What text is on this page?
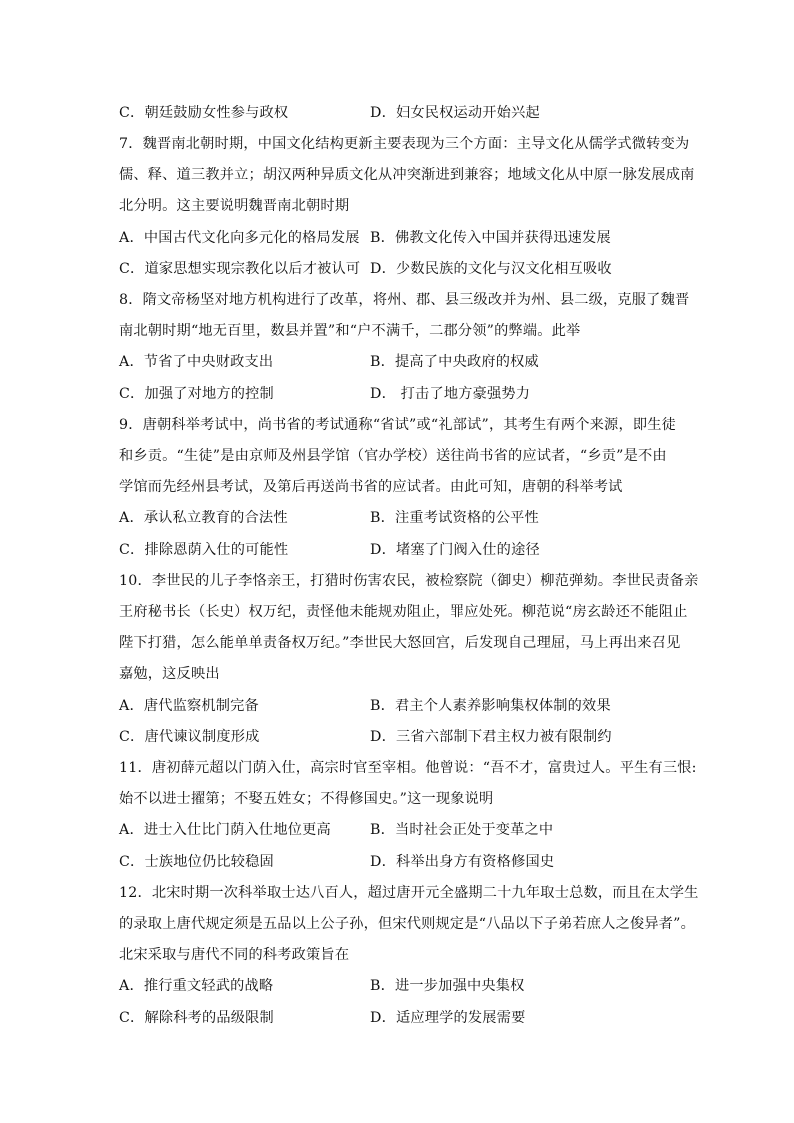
C．朝廷鼓励女性参与政权	D．妇女民权运动开始兴起
7．魏晋南北朝时期，中国文化结构更新主要表现为三个方面：主导文化从儒学式微转变为
儒、释、道三教并立；胡汉两种异质文化从冲突渐进到兼容；地域文化从中原一脉发展成南
北分明。这主要说明魏晋南北朝时期
A．中国古代文化向多元化的格局发展 B．佛教文化传入中国并获得迅速发展
C．道家思想实现宗教化以后才被认可 D．少数民族的文化与汉文化相互吸收
8．隋文帝杨坚对地方机构进行了改革，将州、郡、县三级改并为州、县二级，克服了魏晋
南北朝时期“地无百里，数县并置”和“户不满千，二郡分领”的弊端。此举
A．节省了中央财政支出	B．提高了中央政府的权威
C．加强了对地方的控制	D． 打击了地方豪强势力
9．唐朝科举考试中，尚书省的考试通称“省试”或“礼部试”，其考生有两个来源，即生徒
和乡贡。“生徒”是由京师及州县学馆（官办学校）送往尚书省的应试者，“乡贡”是不由
学馆而先经州县考试，及第后再送尚书省的应试者。由此可知，唐朝的科举考试
A．承认私立教育的合法性	B．注重考试资格的公平性
C．排除恩荫入仕的可能性	D．堵塞了门阀入仕的途径
10．李世民的儿子李恪亲王，打猎时伤害农民，被检察院（御史）柳范弹劾。李世民责备亲
王府秘书长（长史）权万纪，责怪他未能规劝阻止，罪应处死。柳范说“房玄龄还不能阻止
陛下打猎，怎么能单单责备权万纪。”李世民大怒回宫，后发现自己理屈，马上再出来召见
嘉勉，这反映出
A．唐代监察机制完备	B．君主个人素养影响集权体制的效果
C．唐代谏议制度形成	D．三省六部制下君主权力被有限制约
11．唐初薛元超以门荫入仕，高宗时官至宰相。他曾说：“吾不才，富贵过人。平生有三恨:
始不以进士擢第；不娶五姓女；不得修国史。”这一现象说明
A．进士入仕比门荫入仕地位更高	B．当时社会正处于变革之中
C．士族地位仍比较稳固	D．科举出身方有资格修国史
12．北宋时期一次科举取士达八百人，超过唐开元全盛期二十九年取士总数，而且在太学生
的录取上唐代规定须是五品以上公子孙，但宋代则规定是“八品以下子弟若庶人之俊异者”。
北宋采取与唐代不同的科考政策旨在
A．推行重文轻武的战略	B．进一步加强中央集权
C．解除科考的品级限制	D．适应理学的发展需要
